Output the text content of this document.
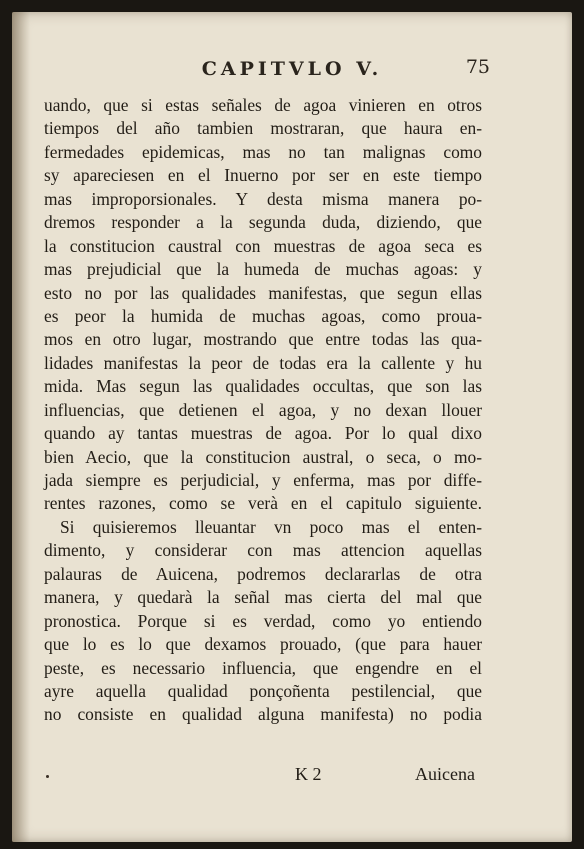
CAPITVLO V.	75
uando, que si estas señales de agoa vinieren en otros
tiempos del año tambien mostraran, que haura en-
fermedades epidemicas, mas no tan malignas como
sy apareciesen en el Inuerno por ser en este tiempo
mas improporsionales. Y desta misma manera po-
dremos responder a la segunda duda, diziendo, que
la constitucion caustral con muestras de agoa seca es
mas prejudicial que la humeda de muchas agoas: y
esto no por las qualidades manifestas, que segun ellas
es peor la humida de muchas agoas, como proua-
mos en otro lugar, mostrando que entre todas las qua-
lidades manifestas la peor de todas era la callente y hu
mida. Mas segun las qualidades occultas, que son las
influencias, que detienen el agoa, y no dexan llouer
quando ay tantas muestras de agoa. Por lo qual dixo
bien Aecio, que la constitucion austral, o seca, o mo-
jada siempre es perjudicial, y enferma, mas por diffe-
rentes razones, como se verà en el capitulo siguiente.
Si quisieremos lleuantar vn poco mas el enten-
dimento, y considerar con mas attencion aquellas
palauras de Auicena, podremos declararlas de otra
manera, y quedarà la señal mas cierta del mal que
pronostica. Porque si es verdad, como yo entiendo
que lo es lo que dexamos prouado, (que para hauer
peste, es necessario influencia, que engendre en el
ayre aquella qualidad ponçoñenta pestilencial, que
no consiste en qualidad alguna manifesta) no podia
K 2	Auicena
